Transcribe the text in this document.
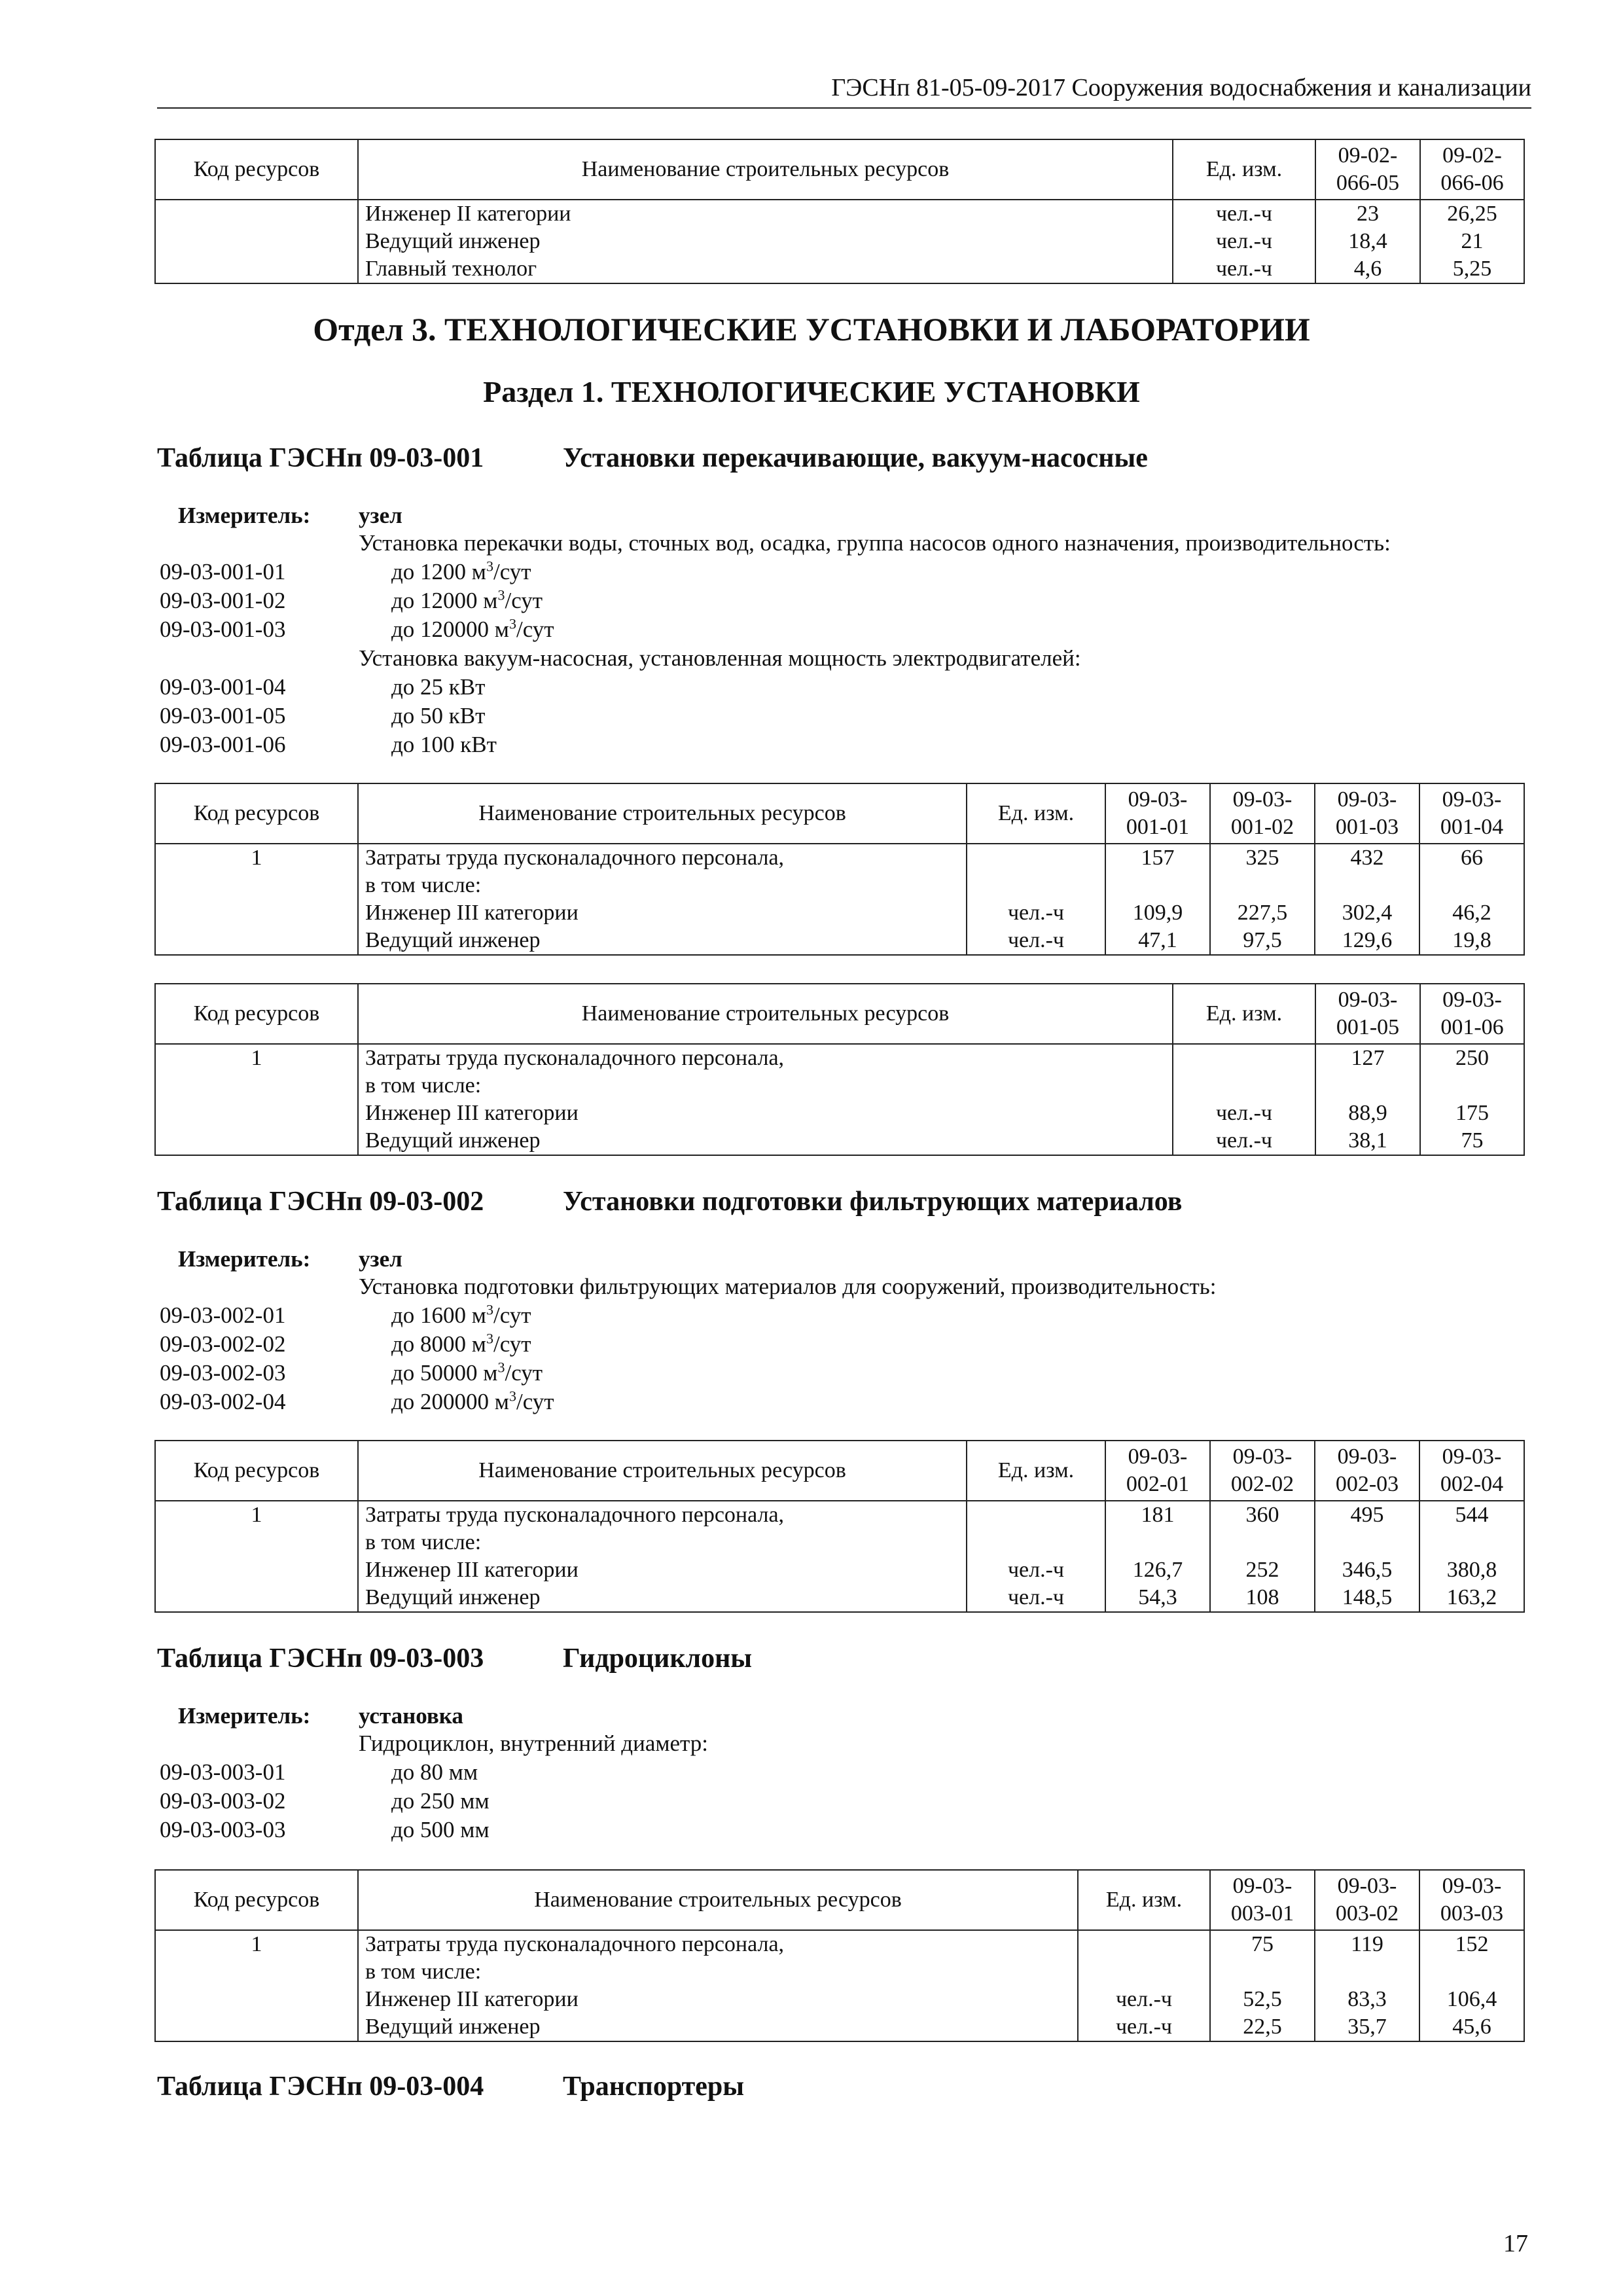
ГЭСНп 81-05-09-2017 Сооружения водоснабжения и канализации
Код ресурсов	Наименование строительных ресурсов	Ед. изм.	09-02-066-05	09-02-066-06
	Инженер II категории	чел.-ч	23	26,25
	Ведущий инженер	чел.-ч	18,4	21
	Главный технолог	чел.-ч	4,6	5,25
Отдел 3. ТЕХНОЛОГИЧЕСКИЕ УСТАНОВКИ И ЛАБОРАТОРИИ
Раздел 1. ТЕХНОЛОГИЧЕСКИЕ УСТАНОВКИ
Таблица ГЭСНп 09-03-001	Установки перекачивающие, вакуум-насосные
Измеритель: узел
Установка перекачки воды, сточных вод, осадка, группа насосов одного назначения, производительность:
09-03-001-01	до 1200 $м^3$/сут
09-03-001-02	до 12000 $м^3$/сут
09-03-001-03	до 120000 $м^3$/сут
Установка вакуум-насосная, установленная мощность электродвигателей:
09-03-001-04	до 25 кВт
09-03-001-05	до 50 кВт
09-03-001-06	до 100 кВт
Код ресурсов	Наименование строительных ресурсов	Ед. изм.	09-03-001-01	09-03-001-02	09-03-001-03	09-03-001-04
1	Затраты труда пусконаладочного персонала,		157	325	432	66
	в том числе:					
	Инженер III категории	чел.-ч	109,9	227,5	302,4	46,2
	Ведущий инженер	чел.-ч	47,1	97,5	129,6	19,8
Код ресурсов	Наименование строительных ресурсов	Ед. изм.	09-03-001-05	09-03-001-06
1	Затраты труда пусконаладочного персонала,		127	250
	в том числе:			
	Инженер III категории	чел.-ч	88,9	175
	Ведущий инженер	чел.-ч	38,1	75
Таблица ГЭСНп 09-03-002	Установки подготовки фильтрующих материалов
Измеритель: узел
Установка подготовки фильтрующих материалов для сооружений, производительность:
09-03-002-01	до 1600 $м^3$/сут
09-03-002-02	до 8000 $м^3$/сут
09-03-002-03	до 50000 $м^3$/сут
09-03-002-04	до 200000 $м^3$/сут
Код ресурсов	Наименование строительных ресурсов	Ед. изм.	09-03-002-01	09-03-002-02	09-03-002-03	09-03-002-04
1	Затраты труда пусконаладочного персонала,		181	360	495	544
	в том числе:					
	Инженер III категории	чел.-ч	126,7	252	346,5	380,8
	Ведущий инженер	чел.-ч	54,3	108	148,5	163,2
Таблица ГЭСНп 09-03-003	Гидроциклоны
Измеритель: установка
Гидроциклон, внутренний диаметр:
09-03-003-01	до 80 мм
09-03-003-02	до 250 мм
09-03-003-03	до 500 мм
Код ресурсов	Наименование строительных ресурсов	Ед. изм.	09-03-003-01	09-03-003-02	09-03-003-03
1	Затраты труда пусконаладочного персонала,		75	119	152
	в том числе:				
	Инженер III категории	чел.-ч	52,5	83,3	106,4
	Ведущий инженер	чел.-ч	22,5	35,7	45,6
Таблица ГЭСНп 09-03-004	Транспортеры
17
